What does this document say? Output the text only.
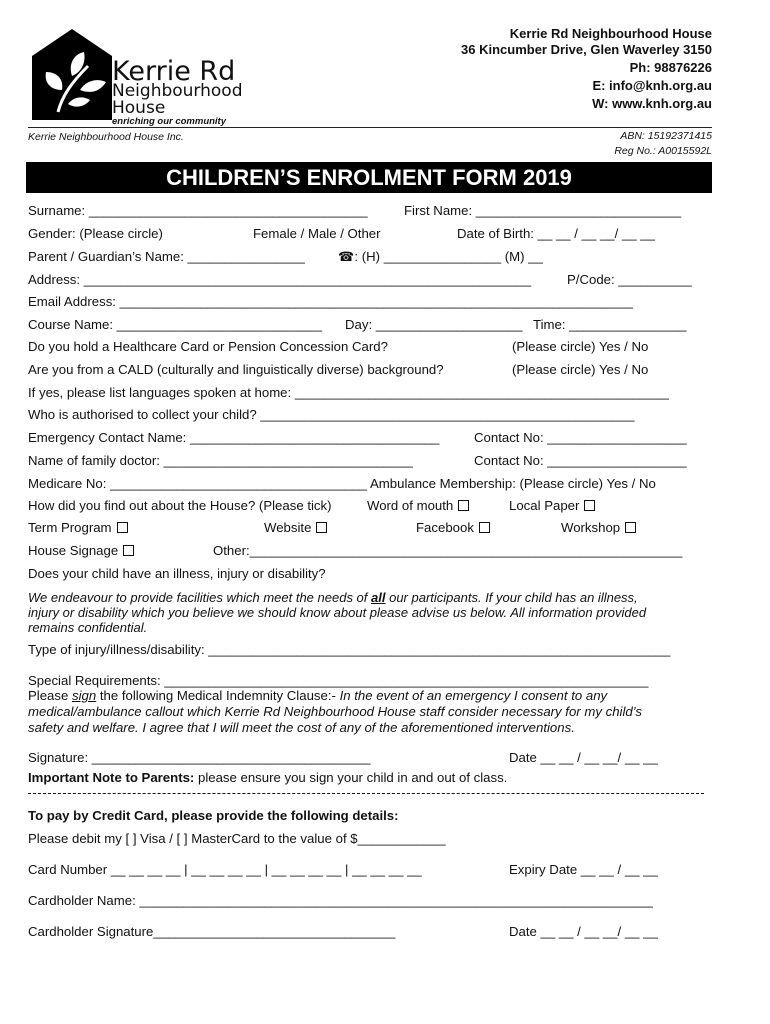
Kerrie Rd
Neighbourhood
House
enriching our community
Kerrie Rd Neighbourhood House
36 Kincumber Drive, Glen Waverley 3150
Ph: 98876226
E: info@knh.org.au
W: www.knh.org.au
Kerrie Neighbourhood House Inc.	ABN: 15192371415
Reg No.: A0015592L
CHILDREN’S ENROLMENT FORM 2019
Surname: ______________________________________	First Name: ____________________________
Gender: (Please circle)	Female / Male / Other	Date of Birth: __ __ / __ __/ __ __
Parent / Guardian’s Name: ________________	☎: (H) ________________ (M) __
Address: _____________________________________________________________	P/Code: __________
Email Address: ______________________________________________________________________
Course Name: ____________________________ Day: ____________________ Time: ________________
Do you hold a Healthcare Card or Pension Concession Card?	(Please circle) Yes / No
Are you from a CALD (culturally and linguistically diverse) background?	(Please circle) Yes / No
If yes, please list languages spoken at home: ___________________________________________________
Who is authorised to collect your child? ___________________________________________________
Emergency Contact Name: __________________________________	Contact No: ___________________
Name of family doctor: __________________________________	Contact No: ___________________
Medicare No: ___________________________________ Ambulance Membership: (Please circle) Yes / No
How did you find out about the House? (Please tick)	Word of mouth	Local Paper
Term Program	Website	Facebook	Workshop
House Signage	Other:___________________________________________________________
Does your child have an illness, injury or disability?
We endeavour to provide facilities which meet the needs of all our participants. If your child has an illness,
injury or disability which you believe we should know about please advise us below. All information provided
remains confidential.
Type of injury/illness/disability: _______________________________________________________________
Special Requirements: __________________________________________________________________
Please sign the following Medical Indemnity Clause:- In the event of an emergency I consent to any
medical/ambulance callout which Kerrie Rd Neighbourhood House staff consider necessary for my child’s
safety and welfare. I agree that I will meet the cost of any of the aforementioned interventions.
Signature: ______________________________________	Date __ __ / __ __/ __ __
Important Note to Parents: please ensure you sign your child in and out of class.
To pay by Credit Card, please provide the following details:
Please debit my [ ] Visa / [ ] MasterCard to the value of $____________
Card Number __ __ __ __ | __ __ __ __ | __ __ __ __ | __ __ __ __	Expiry Date __ __ / __ __
Cardholder Name: ______________________________________________________________________
Cardholder Signature_________________________________	Date __ __ / __ __/ __ __
